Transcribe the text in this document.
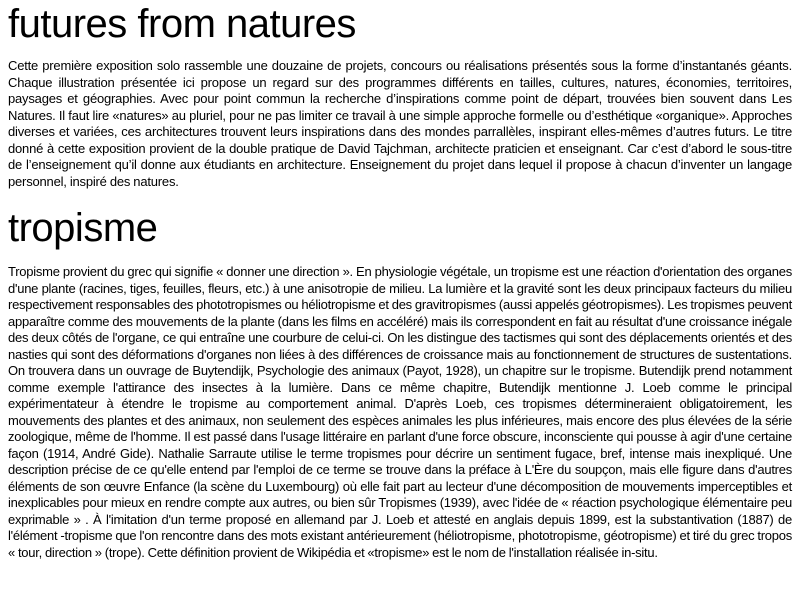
futures from natures

Cette première exposition solo rassemble une douzaine de projets, concours ou réalisations présentés sous la forme d’instantanés géants. Chaque illustration présentée ici propose un regard sur des programmes différents en tailles, cultures, natures, économies, territoires, paysages et géographies. Avec pour point commun la recherche d’inspirations comme point de départ, trouvées bien souvent dans Les Natures. Il faut lire «natures» au pluriel, pour ne pas limiter ce travail à une simple approche formelle ou d’esthétique «organique». Approches diverses et variées, ces architectures trouvent leurs inspirations dans des mondes parrallèles, inspirant elles-mêmes d’autres futurs. Le titre donné à cette exposition provient de la double pratique de David Tajchman, architecte praticien et enseignant. Car c’est d’abord le sous-titre de l’enseignement qu’il donne aux étudiants en architecture. Enseignement du projet dans lequel il propose à chacun d’inventer un langage personnel, inspiré des natures.

tropisme

Tropisme provient du grec qui signifie « donner une direction ». En physiologie végétale, un tropisme est une réaction d'orientation des organes d'une plante (racines, tiges, feuilles, fleurs, etc.) à une anisotropie de milieu. La lumière et la gravité sont les deux principaux facteurs du milieu respectivement responsables des phototropismes ou héliotropisme et des gravitropismes (aussi appelés géotropismes). Les tropismes peuvent apparaître comme des mouvements de la plante (dans les films en accéléré) mais ils correspondent en fait au résultat d'une croissance inégale des deux côtés de l'organe, ce qui entraîne une courbure de celui-ci. On les distingue des tactismes qui sont des déplacements orientés et des nasties qui sont des déformations d'organes non liées à des différences de croissance mais au fonctionnement de structures de sustentations. On trouvera dans un ouvrage de Buytendijk, Psychologie des animaux (Payot, 1928), un chapitre sur le tropisme. Butendijk prend notamment comme exemple l'attirance des insectes à la lumière. Dans ce même chapitre, Butendijk mentionne J. Loeb comme le principal expérimentateur à étendre le tropisme au comportement animal. D'après Loeb, ces tropismes détermineraient obligatoirement, les mouvements des plantes et des animaux, non seulement des espèces animales les plus inférieures, mais encore des plus élevées de la série zoologique, même de l'homme. Il est passé dans l'usage littéraire en parlant d'une force obscure, inconsciente qui pousse à agir d'une certaine façon (1914, André Gide). Nathalie Sarraute utilise le terme tropismes pour décrire un sentiment fugace, bref, intense mais inexpliqué. Une description précise de ce qu'elle entend par l'emploi de ce terme se trouve dans la préface à L'Ère du soupçon, mais elle figure dans d'autres éléments de son œuvre Enfance (la scène du Luxembourg) où elle fait part au lecteur d'une décomposition de mouvements imperceptibles et inexplicables pour mieux en rendre compte aux autres, ou bien sûr Tropismes (1939), avec l'idée de « réaction psychologique élémentaire peu exprimable » . À l'imitation d'un terme proposé en allemand par J. Loeb et attesté en anglais depuis 1899, est la substantivation (1887) de l'élément -tropisme que l'on rencontre dans des mots existant antérieurement (héliotropisme, phototropisme, géotropisme) et tiré du grec tropos « tour, direction » (trope). Cette définition provient de Wikipédia et «tropisme» est le nom de l'installation réalisée in-situ.
